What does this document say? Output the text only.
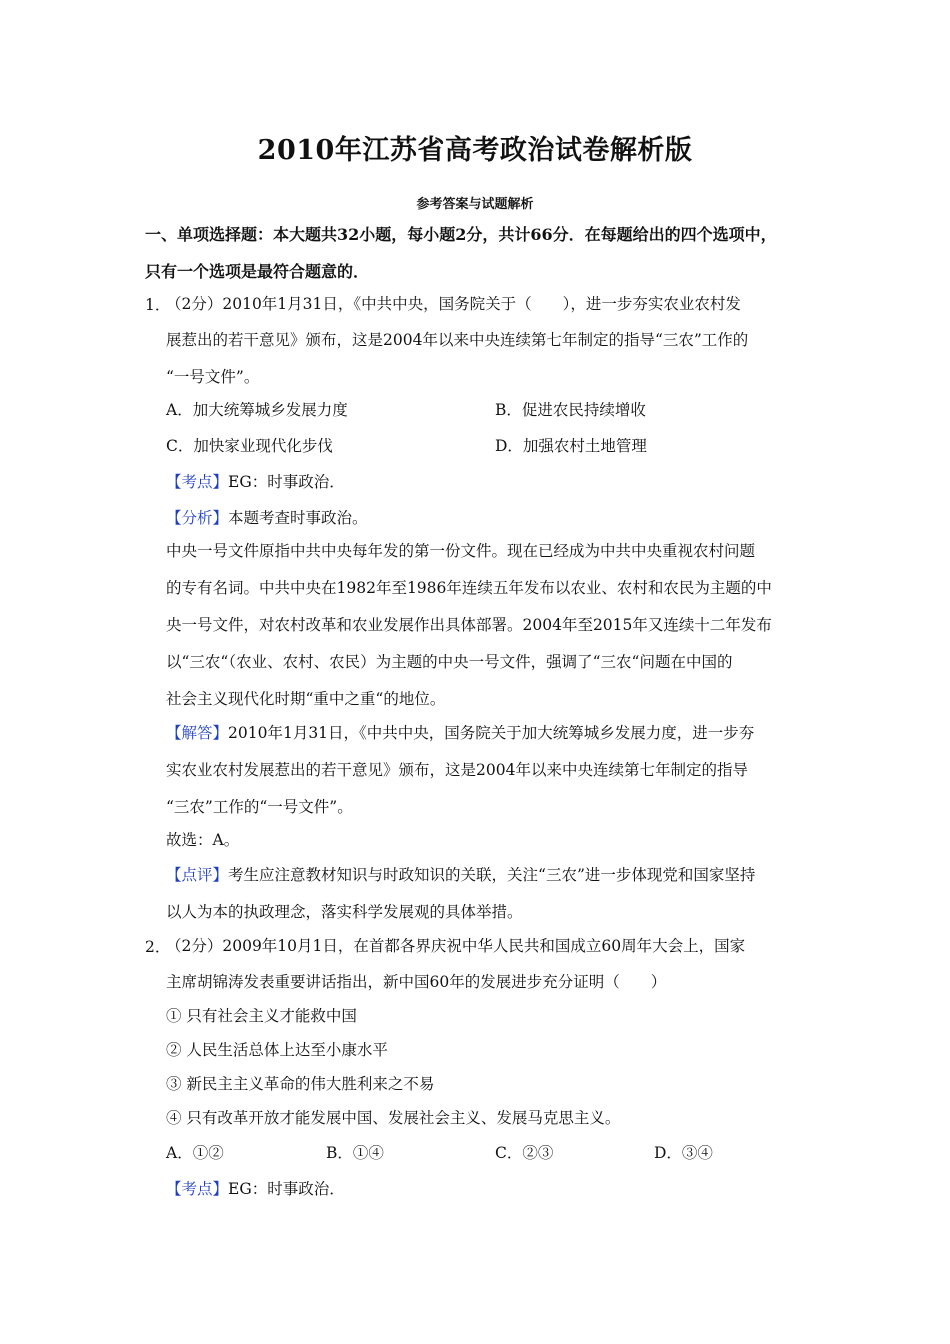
2010年江苏省高考政治试卷解析版
参考答案与试题解析
一、单项选择题：本大题共32小题，每小题2分，共计66分．在每题给出的四个选项中，
只有一个选项是最符合题意的．
1．
（2分）2010年1月31日，《中共中央，国务院关于（　　），进一步夯实农业农村发
展惹出的若干意见》颁布，这是2004年以来中央连续第七年制定的指导“三农”工作的
“一号文件”。
A．加大统筹城乡发展力度	B．促进农民持续增收
C．加快家业现代化步伐	D．加强农村土地管理
【考点】EG：时事政治．
【分析】本题考查时事政治。
中央一号文件原指中共中央每年发的第一份文件。现在已经成为中共中央重视农村问题
的专有名词。中共中央在1982年至1986年连续五年发布以农业、农村和农民为主题的中
央一号文件，对农村改革和农业发展作出具体部署。2004年至2015年又连续十二年发布
以“三农“（农业、农村、农民）为主题的中央一号文件，强调了“三农“问题在中国的
社会主义现代化时期“重中之重“的地位。
【解答】2010年1月31日，《中共中央，国务院关于加大统筹城乡发展力度，进一步夯
实农业农村发展惹出的若干意见》颁布，这是2004年以来中央连续第七年制定的指导
“三农”工作的“一号文件”。
故选：A。
【点评】考生应注意教材知识与时政知识的关联，关注“三农”进一步体现党和国家坚持
以人为本的执政理念，落实科学发展观的具体举措。
2．
（2分）2009年10月1日，在首都各界庆祝中华人民共和国成立60周年大会上，国家
主席胡锦涛发表重要讲话指出，新中国60年的发展进步充分证明（　　）
① 只有社会主义才能救中国
② 人民生活总体上达至小康水平
③ 新民主主义革命的伟大胜利来之不易
④ 只有改革开放才能发展中国、发展社会主义、发展马克思主义。
A．①②	B．①④	C．②③	D．③④
【考点】EG：时事政治．
